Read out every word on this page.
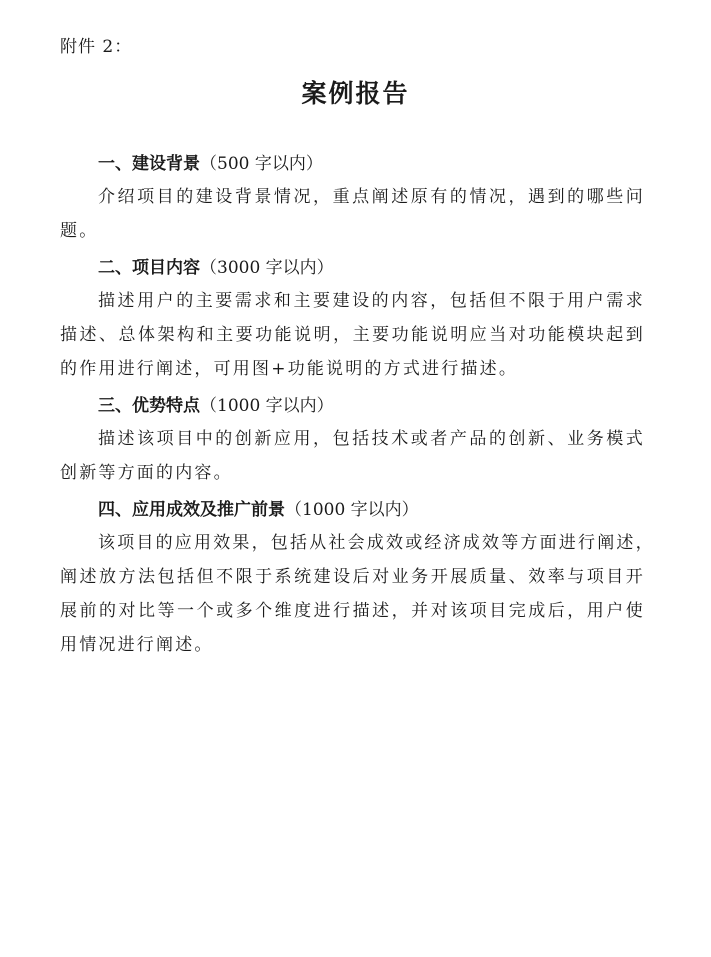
附件 2：
案例报告
一、建设背景（500 字以内）
介绍项目的建设背景情况，重点阐述原有的情况，遇到的哪些问
题。
二、项目内容（3000 字以内）
描述用户的主要需求和主要建设的内容，包括但不限于用户需求
描述、总体架构和主要功能说明，主要功能说明应当对功能模块起到
的作用进行阐述，可用图+功能说明的方式进行描述。
三、优势特点（1000 字以内）
描述该项目中的创新应用，包括技术或者产品的创新、业务模式
创新等方面的内容。
四、应用成效及推广前景（1000 字以内）
该项目的应用效果，包括从社会成效或经济成效等方面进行阐述，
阐述放方法包括但不限于系统建设后对业务开展质量、效率与项目开
展前的对比等一个或多个维度进行描述，并对该项目完成后，用户使
用情况进行阐述。
